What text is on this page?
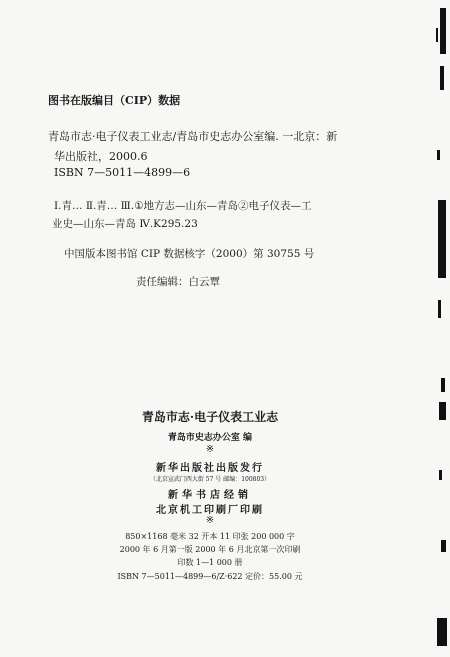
图书在版编目（CIP）数据
青岛市志·电子仪表工业志/青岛市史志办公室编. 一北京：新
华出版社，2000.6
ISBN 7—5011—4899—6
Ⅰ.青… Ⅱ.青… Ⅲ.①地方志—山东—青岛②电子仪表—工
业史—山东—青岛 Ⅳ.K295.23
中国版本图书馆 CIP 数据核字（2000）第 30755 号
责任编辑：白云覃
青岛市志·电子仪表工业志
青岛市史志办公室 编
※
新华出版社出版发行
（北京宣武门西大街 57 号 邮编：100803）
新华书店经销
北京机工印刷厂印刷
※
850×1168 毫米 32 开本 11 印张 200 000 字
2000 年 6 月第一版 2000 年 6 月北京第一次印刷
印数 1—1 000 册
ISBN 7—5011—4899—6/Z·622 定价：55.00 元
